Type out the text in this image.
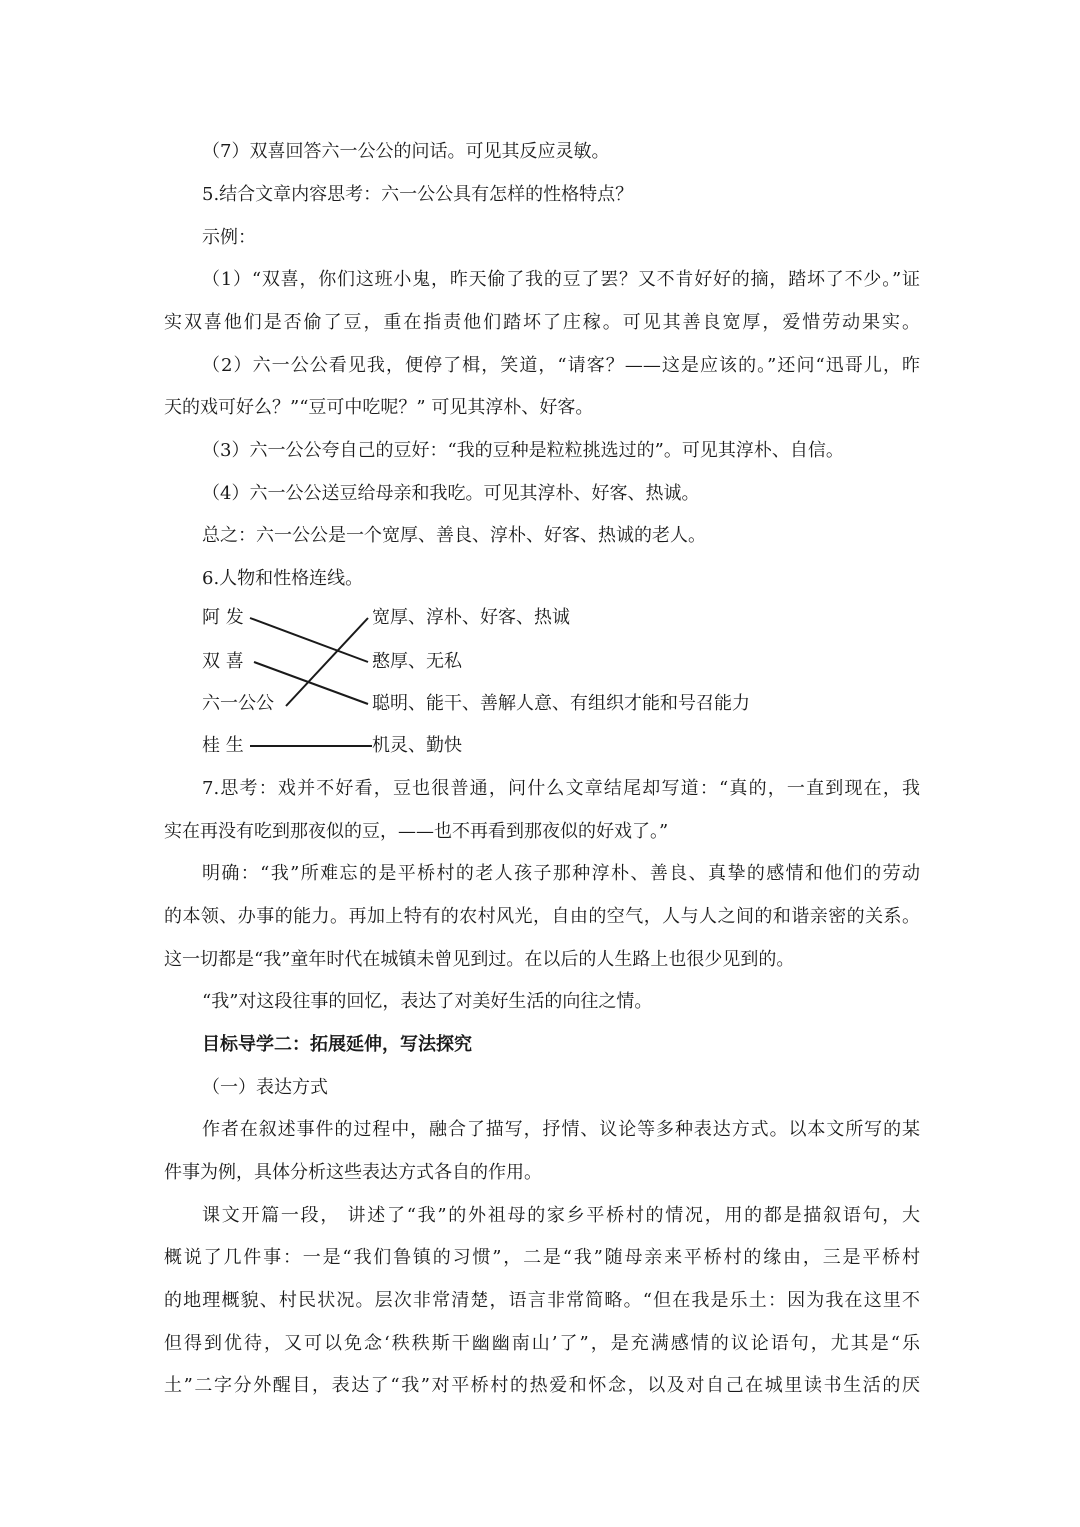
（7）双喜回答六一公公的问话。可见其反应灵敏。
5.结合文章内容思考：六一公公具有怎样的性格特点？
示例：
（1）“双喜，你们这班小鬼，昨天偷了我的豆了罢？又不肯好好的摘，踏坏了不少。”证
实双喜他们是否偷了豆，重在指责他们踏坏了庄稼。可见其善良宽厚，爱惜劳动果实。
（2）六一公公看见我，便停了楫，笑道，“请客？——这是应该的。”还问“迅哥儿，昨
天的戏可好么？”“豆可中吃呢？” 可见其淳朴、好客。
（3）六一公公夸自己的豆好：“我的豆种是粒粒挑选过的”。可见其淳朴、自信。
（4）六一公公送豆给母亲和我吃。可见其淳朴、好客、热诚。
总之：六一公公是一个宽厚、善良、淳朴、好客、热诚的老人。
6.人物和性格连线。
阿 发
双 喜
六一公公
桂 生
宽厚、淳朴、好客、热诚
憨厚、无私
聪明、能干、善解人意、有组织才能和号召能力
机灵、勤快
7.思考：戏并不好看，豆也很普通，问什么文章结尾却写道：“真的，一直到现在，我
实在再没有吃到那夜似的豆，——也不再看到那夜似的好戏了。”
明确：“我”所难忘的是平桥村的老人孩子那种淳朴、善良、真挚的感情和他们的劳动
的本领、办事的能力。再加上特有的农村风光，自由的空气，人与人之间的和谐亲密的关系。
这一切都是“我”童年时代在城镇未曾见到过。在以后的人生路上也很少见到的。
“我”对这段往事的回忆，表达了对美好生活的向往之情。
目标导学二：拓展延伸，写法探究
（一）表达方式
作者在叙述事件的过程中，融合了描写，抒情、议论等多种表达方式。以本文所写的某
件事为例，具体分析这些表达方式各自的作用。
课文开篇一段， 讲述了“我”的外祖母的家乡平桥村的情况，用的都是描叙语句，大
概说了几件事：一是“我们鲁镇的习惯”，二是“我”随母亲来平桥村的缘由，三是平桥村
的地理概貌、村民状况。层次非常清楚，语言非常简略。“但在我是乐土：因为我在这里不
但得到优待，又可以免念‘秩秩斯干幽幽南山’了”，是充满感情的议论语句，尤其是“乐
土”二字分外醒目，表达了“我”对平桥村的热爱和怀念，以及对自己在城里读书生活的厌
